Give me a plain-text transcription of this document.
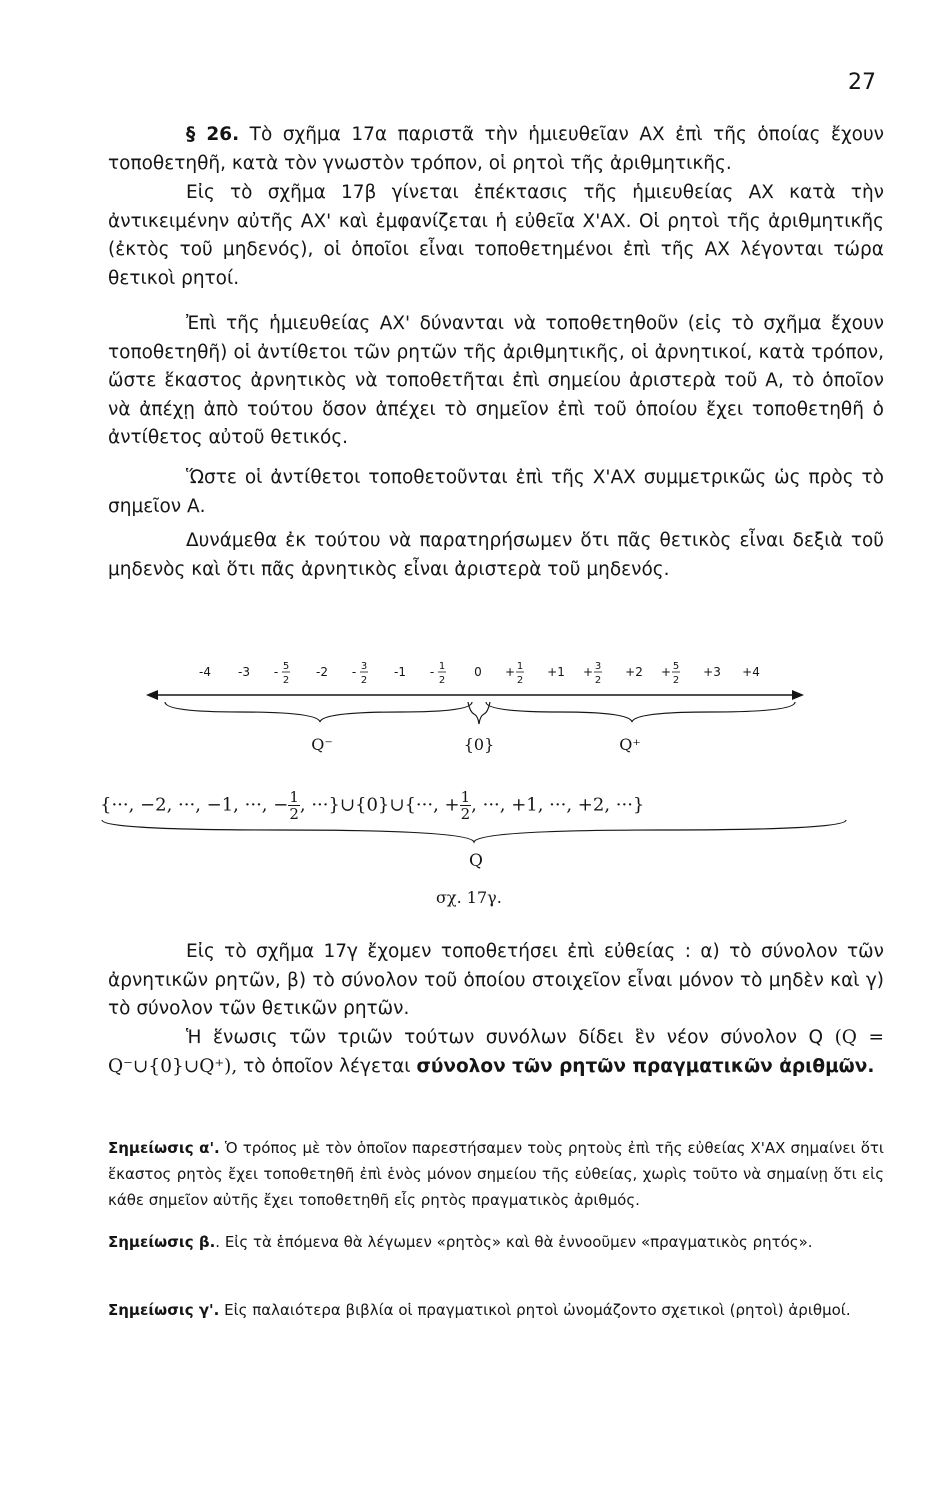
27
§ 26. Τὸ σχῆμα 17α παριστᾶ τὴν ἡμιευθεῖαν ΑΧ ἐπὶ τῆς ὁποίας ἔχουν τοποθετηθῆ, κατὰ τὸν γνωστὸν τρόπον, οἱ ρητοὶ τῆς ἀριθμητικῆς.
Εἰς τὸ σχῆμα 17β γίνεται ἐπέκτασις τῆς ἡμιευθείας ΑΧ κατὰ τὴν ἀντικειμένην αὐτῆς ΑΧ' καὶ ἐμφανίζεται ἡ εὐθεῖα Χ'ΑΧ. Οἱ ρητοὶ τῆς ἀριθμητικῆς (ἐκτὸς τοῦ μηδενός), οἱ ὁποῖοι εἶναι τοποθετημένοι ἐπὶ τῆς ΑΧ λέγονται τώρα θετικοὶ ρητοί.
Ἐπὶ τῆς ἡμιευθείας ΑΧ' δύνανται νὰ τοποθετηθοῦν (εἰς τὸ σχῆμα ἔχουν τοποθετηθῆ) οἱ ἀντίθετοι τῶν ρητῶν τῆς ἀριθμητικῆς, οἱ ἀρνητικοί, κατὰ τρόπον, ὥστε ἕκαστος ἀρνητικὸς νὰ τοποθετῆται ἐπὶ σημείου ἀριστερὰ τοῦ Α, τὸ ὁποῖον νὰ ἀπέχῃ ἀπὸ τούτου ὅσον ἀπέχει τὸ σημεῖον ἐπὶ τοῦ ὁποίου ἔχει τοποθετηθῆ ὁ ἀντίθετος αὐτοῦ θετικός.
Ὥστε οἱ ἀντίθετοι τοποθετοῦνται ἐπὶ τῆς Χ'ΑΧ συμμετρικῶς ὡς πρὸς τὸ σημεῖον Α.
Δυνάμεθα ἐκ τούτου νὰ παρατηρήσωμεν ὅτι πᾶς θετικὸς εἶναι δεξιὰ τοῦ μηδενὸς καὶ ὅτι πᾶς ἀρνητικὸς εἶναι ἀριστερὰ τοῦ μηδενός.
-4 -3 - 5
2
-2 - 3
2
-1 - 1
2
0 + 1
2
+1 + 3
2
+2 + 5
2
+3 +4
Q⁻	{0}	Q⁺
{···, −2, ···, −1, ···, − $\frac{1}{2}$ , ···}∪{0}∪{···, + $\frac{1}{2}$ , ···, +1, ···, +2, ···}
Q
σχ. 17γ.
Εἰς τὸ σχῆμα 17γ ἔχομεν τοποθετήσει ἐπὶ εὐθείας : α) τὸ σύνολον τῶν ἀρνητικῶν ρητῶν, β) τὸ σύνολον τοῦ ὁποίου στοιχεῖον εἶναι μόνον τὸ μηδὲν καὶ γ) τὸ σύνολον τῶν θετικῶν ρητῶν.
Ἡ ἕνωσις τῶν τριῶν τούτων συνόλων δίδει ἓν νέον σύνολον Q (Q = Q⁻∪{0}∪Q⁺), τὸ ὁποῖον λέγεται σύνολον τῶν ρητῶν πραγματικῶν ἀριθμῶν.
Σημείωσις α'. Ὁ τρόπος μὲ τὸν ὁποῖον παρεστήσαμεν τοὺς ρητοὺς ἐπὶ τῆς εὐθείας Χ'ΑΧ σημαίνει ὅτι ἕκαστος ρητὸς ἔχει τοποθετηθῆ ἐπὶ ἑνὸς μόνον σημείου τῆς εὐθείας, χωρὶς τοῦτο νὰ σημαίνῃ ὅτι εἰς κάθε σημεῖον αὐτῆς ἔχει τοποθετηθῆ εἷς ρητὸς πραγματικὸς ἀριθμός.
Σημείωσις β.. Εἰς τὰ ἑπόμενα θὰ λέγωμεν «ρητὸς» καὶ θὰ ἐννοοῦμεν «πραγματικὸς ρητός».
Σημείωσις γ'. Εἰς παλαιότερα βιβλία οἱ πραγματικοὶ ρητοὶ ὠνομάζοντο σχετικοὶ (ρητοὶ) ἀριθμοί.
